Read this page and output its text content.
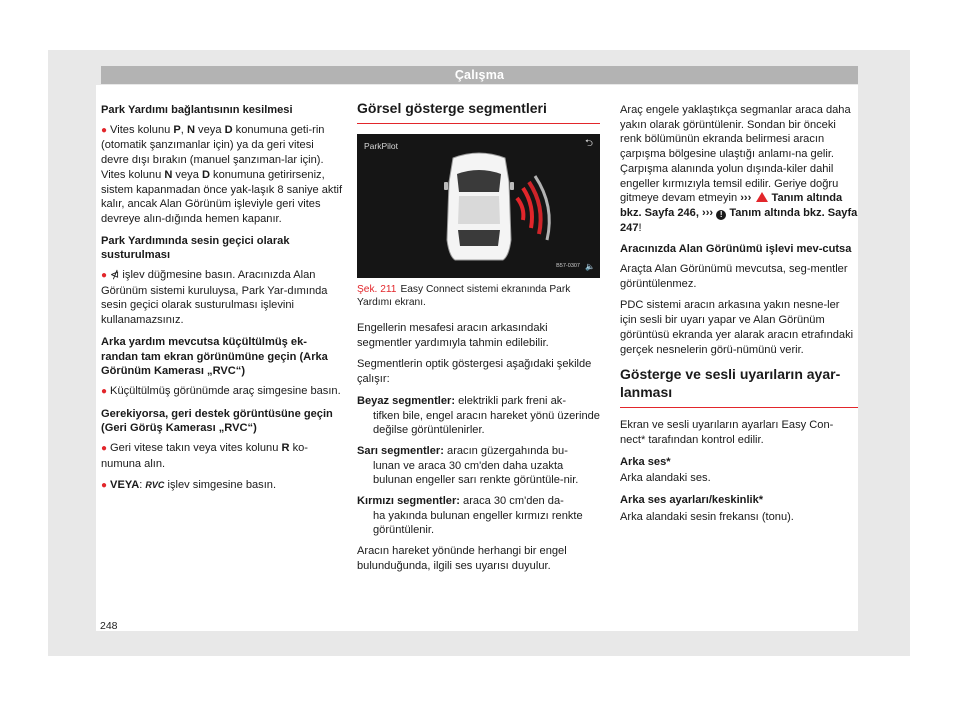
Çalışma

Park Yardımı bağlantısının kesilmesi

● Vites kolunu P, N veya D konumuna geti-rin (otomatik şanzımanlar için) ya da geri vitesi devre dışı bırakın (manuel şanzıman-lar için). Vites kolunu N veya D konumuna getirirseniz, sistem kapanmadan önce yak-laşık 8 saniye aktif kalır, ancak Alan Görünüm işleviyle geri vites devreye alın-dığında hemen kapanır.

Park Yardımında sesin geçici olarak susturulması

● ⋪ işlev düğmesine basın. Aracınızda Alan Görünüm sistemi kuruluysa, Park Yar-dımında sesin geçici olarak susturulması işlevini kullanamazsınız.

Arka yardım mevcutsa küçültülmüş ek-randan tam ekran görünümüne geçin (Arka Görünüm Kamerası „RVC“)

● Küçültülmüş görünümde araç simgesine basın.

Gerekiyorsa, geri destek görüntüsüne geçin (Geri Görüş Kamerası „RVC“)

● Geri vitese takın veya vites kolunu R ko-numuna alın.

● VEYA: RVC işlev simgesine basın.

Görsel gösterge segmentleri
ParkPilot	⮌
B57-0307 🔈

Şek. 211 Easy Connect sistemi ekranında Park Yardımı ekranı.

Engellerin mesafesi aracın arkasındaki segmentler yardımıyla tahmin edilebilir.

Segmentlerin optik göstergesi aşağıdaki şekilde çalışır:

Beyaz segmentler: elektrikli park freni ak-
tifken bile, engel aracın hareket yönü üzerinde değilse görüntülenirler.
Sarı segmentler: aracın güzergahında bu-
lunan ve araca 30 cm'den daha uzakta bulunan engeller sarı renkte görüntüle-nir.
Kırmızı segmentler: araca 30 cm'den da-
ha yakında bulunan engeller kırmızı renkte görüntülenir.

Aracın hareket yönünde herhangi bir engel bulunduğunda, ilgili ses uyarısı duyulur.

Araç engele yaklaştıkça segmanlar araca daha yakın olarak görüntülenir. Sondan bir önceki renk bölümünün ekranda belirmesi aracın çarpışma bölgesine ulaştığı anlamı-na gelir. Çarpışma alanında yolun dışında-kiler dahil engeller kırmızıyla temsil edilir. Geriye doğru gitmeye devam etmeyin ››› Tanım altında bkz. Sayfa 246, ››› ! Tanım altında bkz. Sayfa 247!

Aracınızda Alan Görünümü işlevi mev-cutsa

Araçta Alan Görünümü mevcutsa, seg-mentler görüntülenmez.

PDC sistemi aracın arkasına yakın nesne-ler için sesli bir uyarı yapar ve Alan Görünüm görüntüsü ekranda yer alarak aracın etrafındaki gerçek nesnelerin görü-nümünü verir.

Gösterge ve sesli uyarıların ayar-lanması

Ekran ve sesli uyarıların ayarları Easy Con-nect* tarafından kontrol edilir.

Arka ses*

Arka alandaki ses.

Arka ses ayarları/keskinlik*

Arka alandaki sesin frekansı (tonu).

248
